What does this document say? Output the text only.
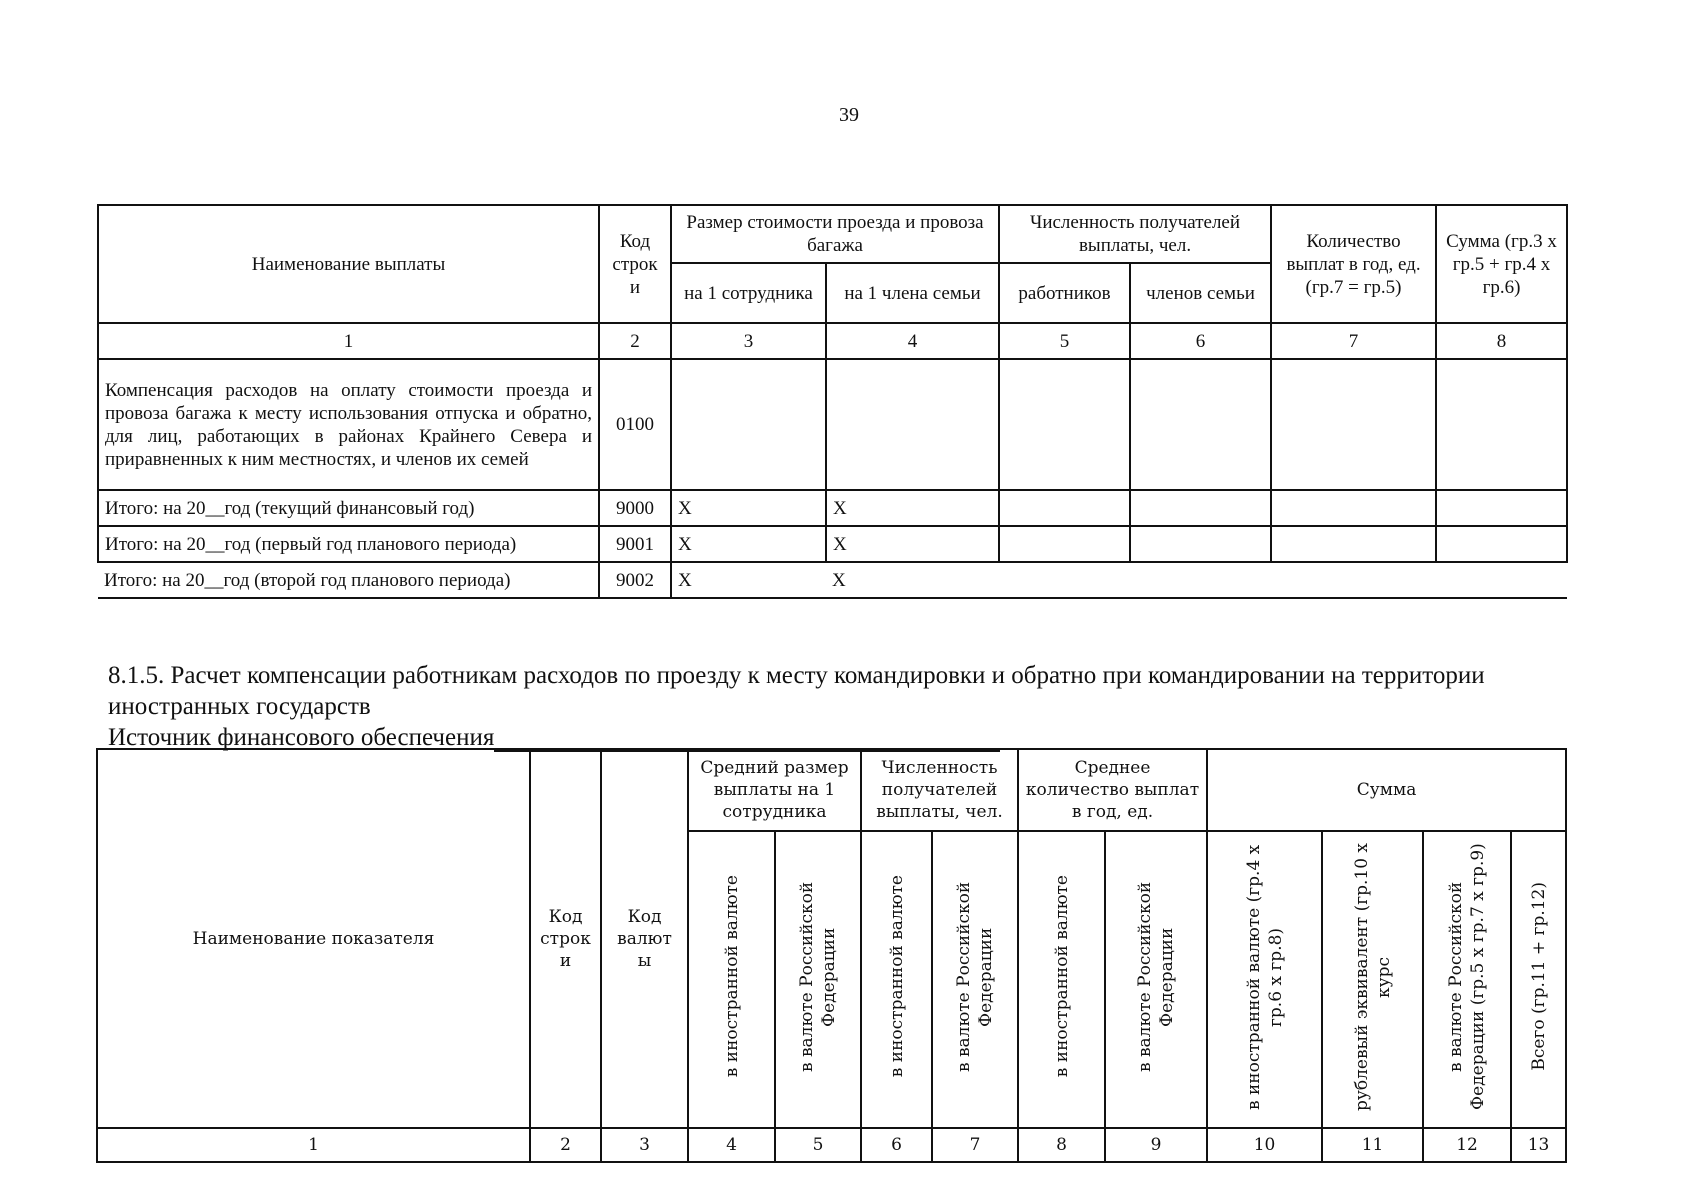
39
Наименование выплаты	Код строк и	Размер стоимости проезда и провоза багажа		Численность получателей выплаты, чел.		Количество выплат в год, ед. (гр.7 = гр.5)	Сумма (гр.3 x гр.5 + гр.4 x гр.6)
		на 1 сотрудника	на 1 члена семьи	работников	членов семьи		
1	2	3	4	5	6	7	8
Компенсация расходов на оплату стоимости проезда и провоза багажа к месту использования отпуска и обратно, для лиц, работающих в районах Крайнего Севера и приравненных к ним местностях, и членов их семей	0100						
Итого: на 20__год (текущий финансовый год)	9000	X	X				
Итого: на 20__год (первый год планового периода)	9001	X	X				
Итого: на 20__год (второй год планового периода)	9002	X	X				
8.1.5. Расчет компенсации работникам расходов по проезду к месту командировки и обратно при командировании на территории иностранных государств
Источник финансового обеспечения
Наименование показателя	Код строк и	Код валют ы	Средний размер выплаты на 1 сотрудника		Численность получателей выплаты, чел.		Среднее количество выплат в год, ед.		Сумма			
			в иностранной валюте	в валюте Российской Федерации	в иностранной валюте	в валюте Российской Федерации	в иностранной валюте	в валюте Российской Федерации	в иностранной валюте (гр.4 x гр.6 x гр.8)	рублевый эквивалент (гр.10 x курс	в валюте Российской Федерации (гр.5 x гр.7 x гр.9)	Всего (гр.11 + гр.12)
1	2	3	4	5	6	7	8	9	10	11	12	13
